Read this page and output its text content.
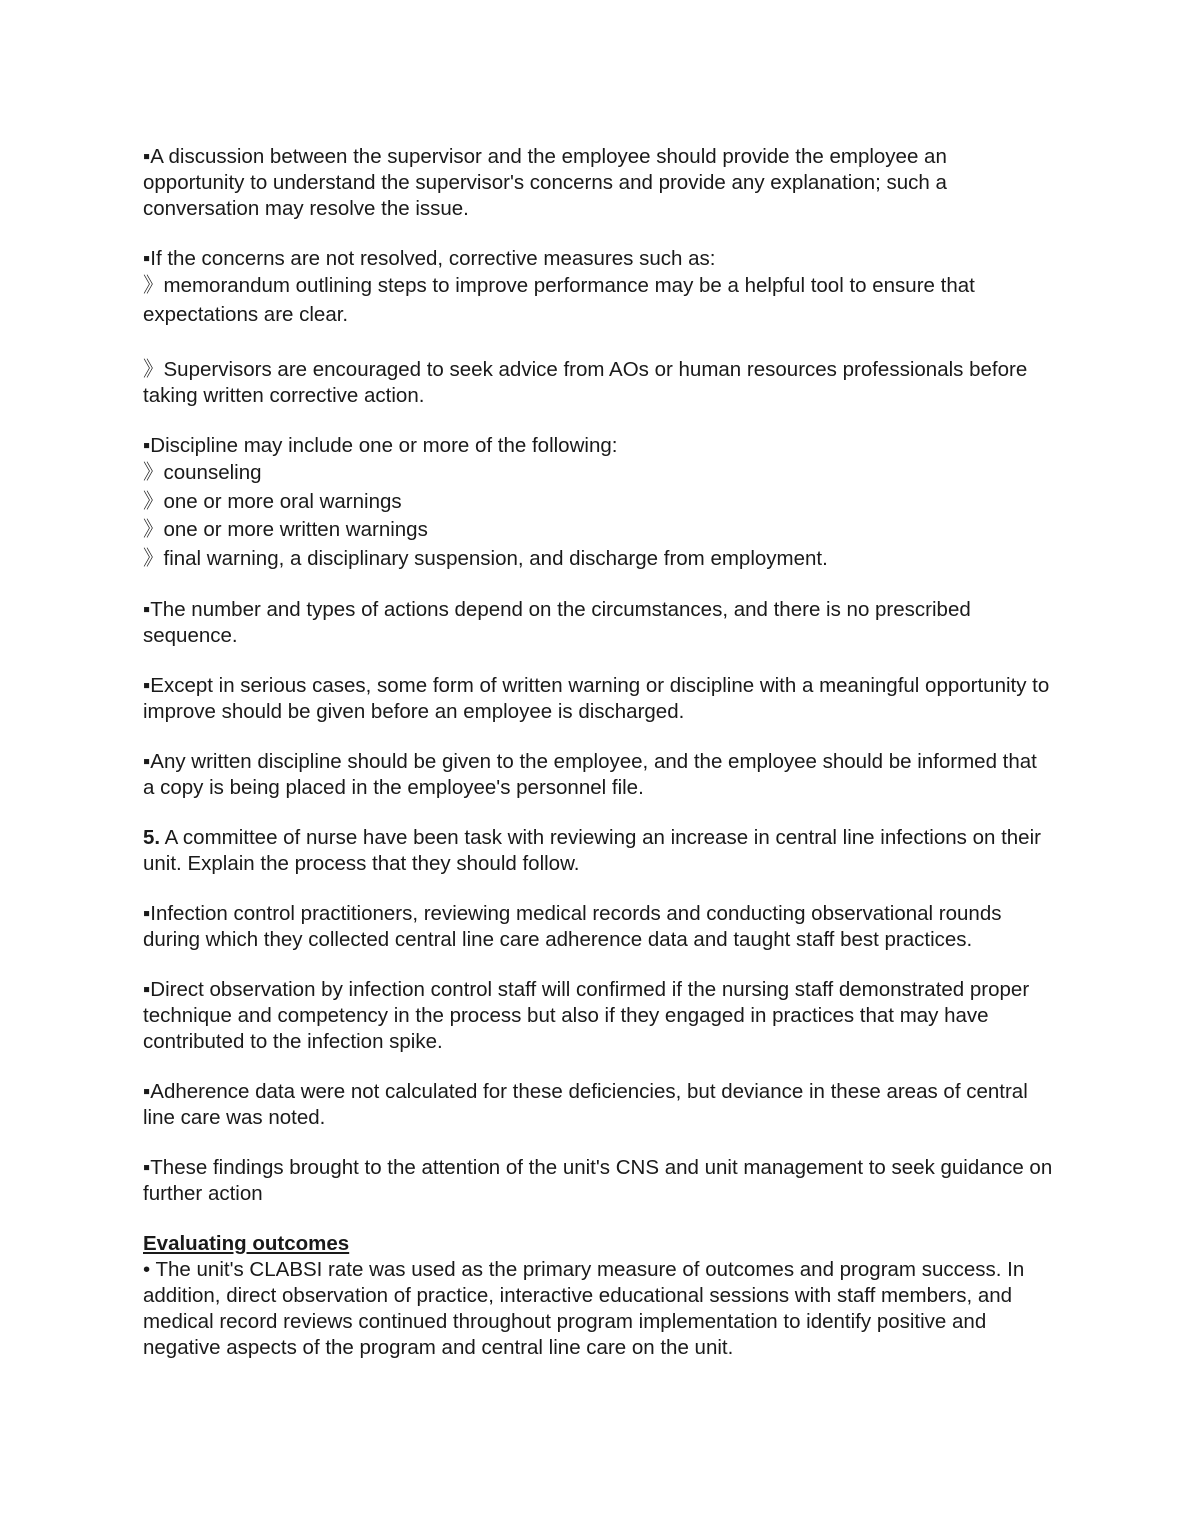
▪A discussion between the supervisor and the employee should provide the employee an opportunity to understand the supervisor's concerns and provide any explanation; such a conversation may resolve the issue.

▪If the concerns are not resolved, corrective measures such as:

》memorandum outlining steps to improve performance may be a helpful tool to ensure that expectations are clear.

》Supervisors are encouraged to seek advice from AOs or human resources professionals before taking written corrective action.

▪Discipline may include one or more of the following:

》counseling

》one or more oral warnings

》one or more written warnings

》final warning, a disciplinary suspension, and discharge from employment.

▪The number and types of actions depend on the circumstances, and there is no prescribed sequence.

▪Except in serious cases, some form of written warning or discipline with a meaningful opportunity to improve should be given before an employee is discharged.

▪Any written discipline should be given to the employee, and the employee should be informed that a copy is being placed in the employee's personnel file.

5. A committee of nurse have been task with reviewing an increase in central line infections on their unit. Explain the process that they should follow.

▪Infection control practitioners, reviewing medical records and conducting observational rounds during which they collected central line care adherence data and taught staff best practices.

▪Direct observation by infection control staff will confirmed if the nursing staff demonstrated proper technique and competency in the process but also if they engaged in practices that may have contributed to the infection spike.

▪Adherence data were not calculated for these deficiencies, but deviance in these areas of central line care was noted.

▪These findings brought to the attention of the unit's CNS and unit management to seek guidance on further action

Evaluating outcomes

• The unit's CLABSI rate was used as the primary measure of outcomes and program success. In addition, direct observation of practice, interactive educational sessions with staff members, and medical record reviews continued throughout program implementation to identify positive and negative aspects of the program and central line care on the unit.
